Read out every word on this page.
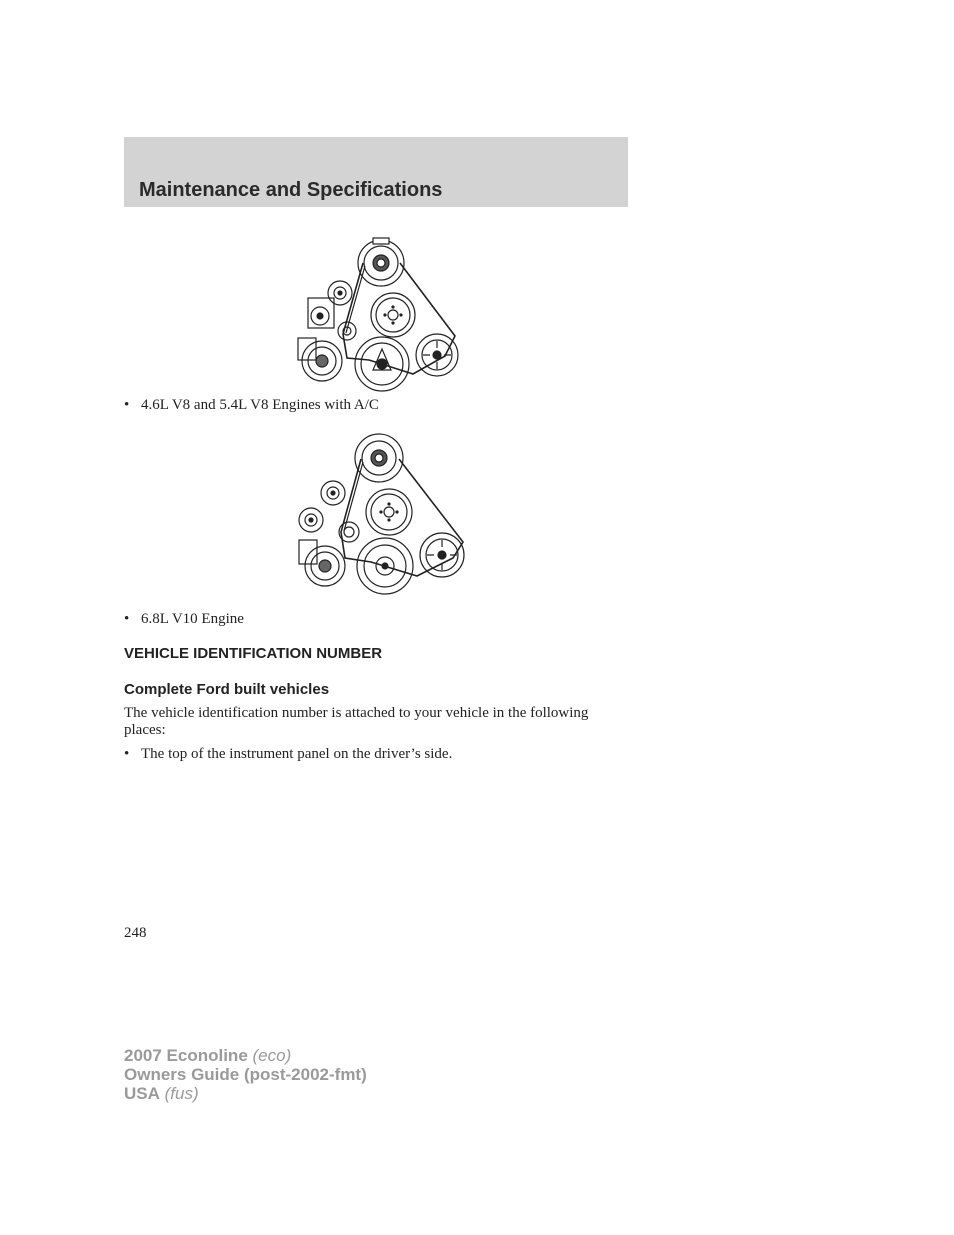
Maintenance and Specifications
• 4.6L V8 and 5.4L V8 Engines with A/C
• 6.8L V10 Engine
VEHICLE IDENTIFICATION NUMBER
Complete Ford built vehicles

The vehicle identification number is attached to your vehicle in the following places:

• The top of the instrument panel on the driver’s side.
248
2007 Econoline (eco)
Owners Guide (post-2002-fmt)
USA (fus)
